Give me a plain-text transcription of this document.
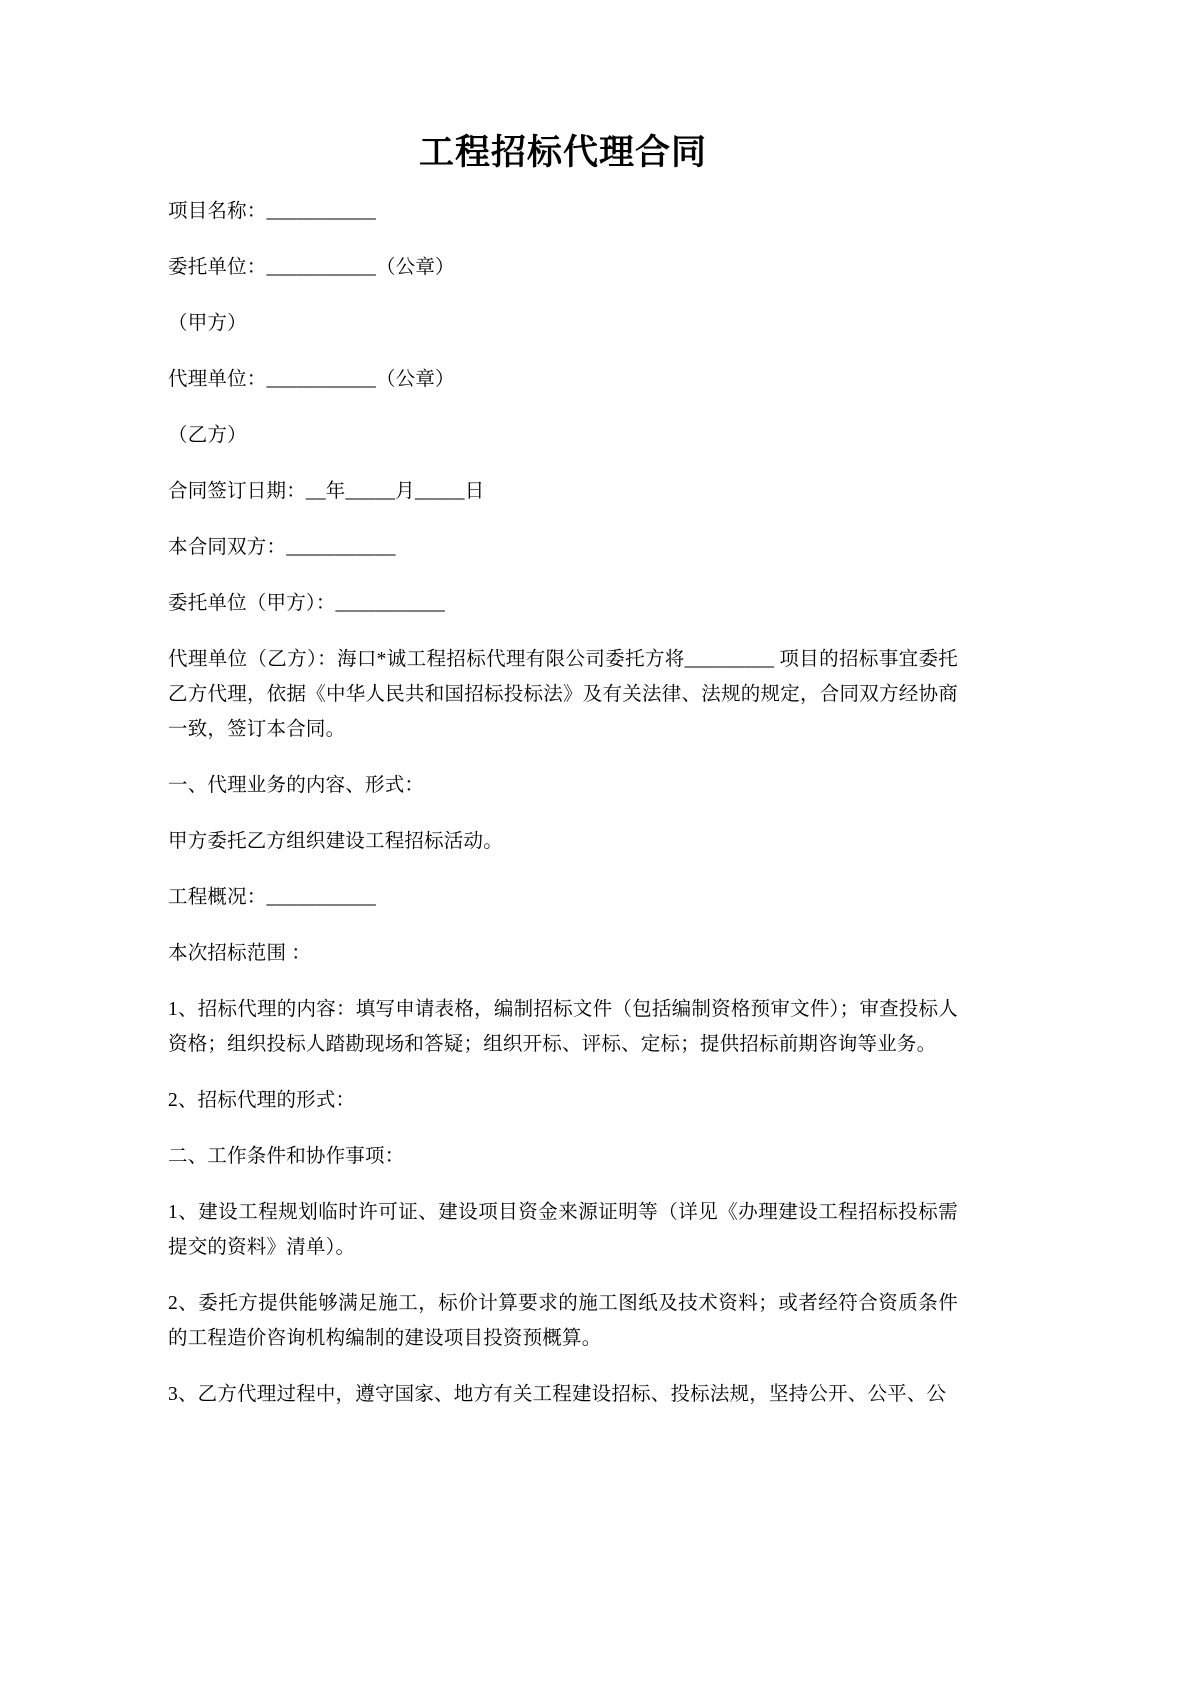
工程招标代理合同

项目名称：___________

委托单位：___________（公章）

（甲方）

代理单位：___________（公章）

（乙方）

合同签订日期：__年_____月_____日

本合同双方：___________

委托单位（甲方）：___________

代理单位（乙方）：海口*诚工程招标代理有限公司委托方将_________ 项目的招标事宜委托乙方代理，依据《中华人民共和国招标投标法》及有关法律、法规的规定，合同双方经协商一致，签订本合同。

一、代理业务的内容、形式：

甲方委托乙方组织建设工程招标活动。

工程概况：___________

本次招标范围 ：

1、招标代理的内容：填写申请表格，编制招标文件（包括编制资格预审文件）；审查投标人资格；组织投标人踏勘现场和答疑；组织开标、评标、定标；提供招标前期咨询等业务。

2、招标代理的形式：

二、工作条件和协作事项：

1、建设工程规划临时许可证、建设项目资金来源证明等（详见《办理建设工程招标投标需提交的资料》清单）。

2、委托方提供能够满足施工，标价计算要求的施工图纸及技术资料；或者经符合资质条件的工程造价咨询机构编制的建设项目投资预概算。

3、乙方代理过程中，遵守国家、地方有关工程建设招标、投标法规，坚持公开、公平、公
